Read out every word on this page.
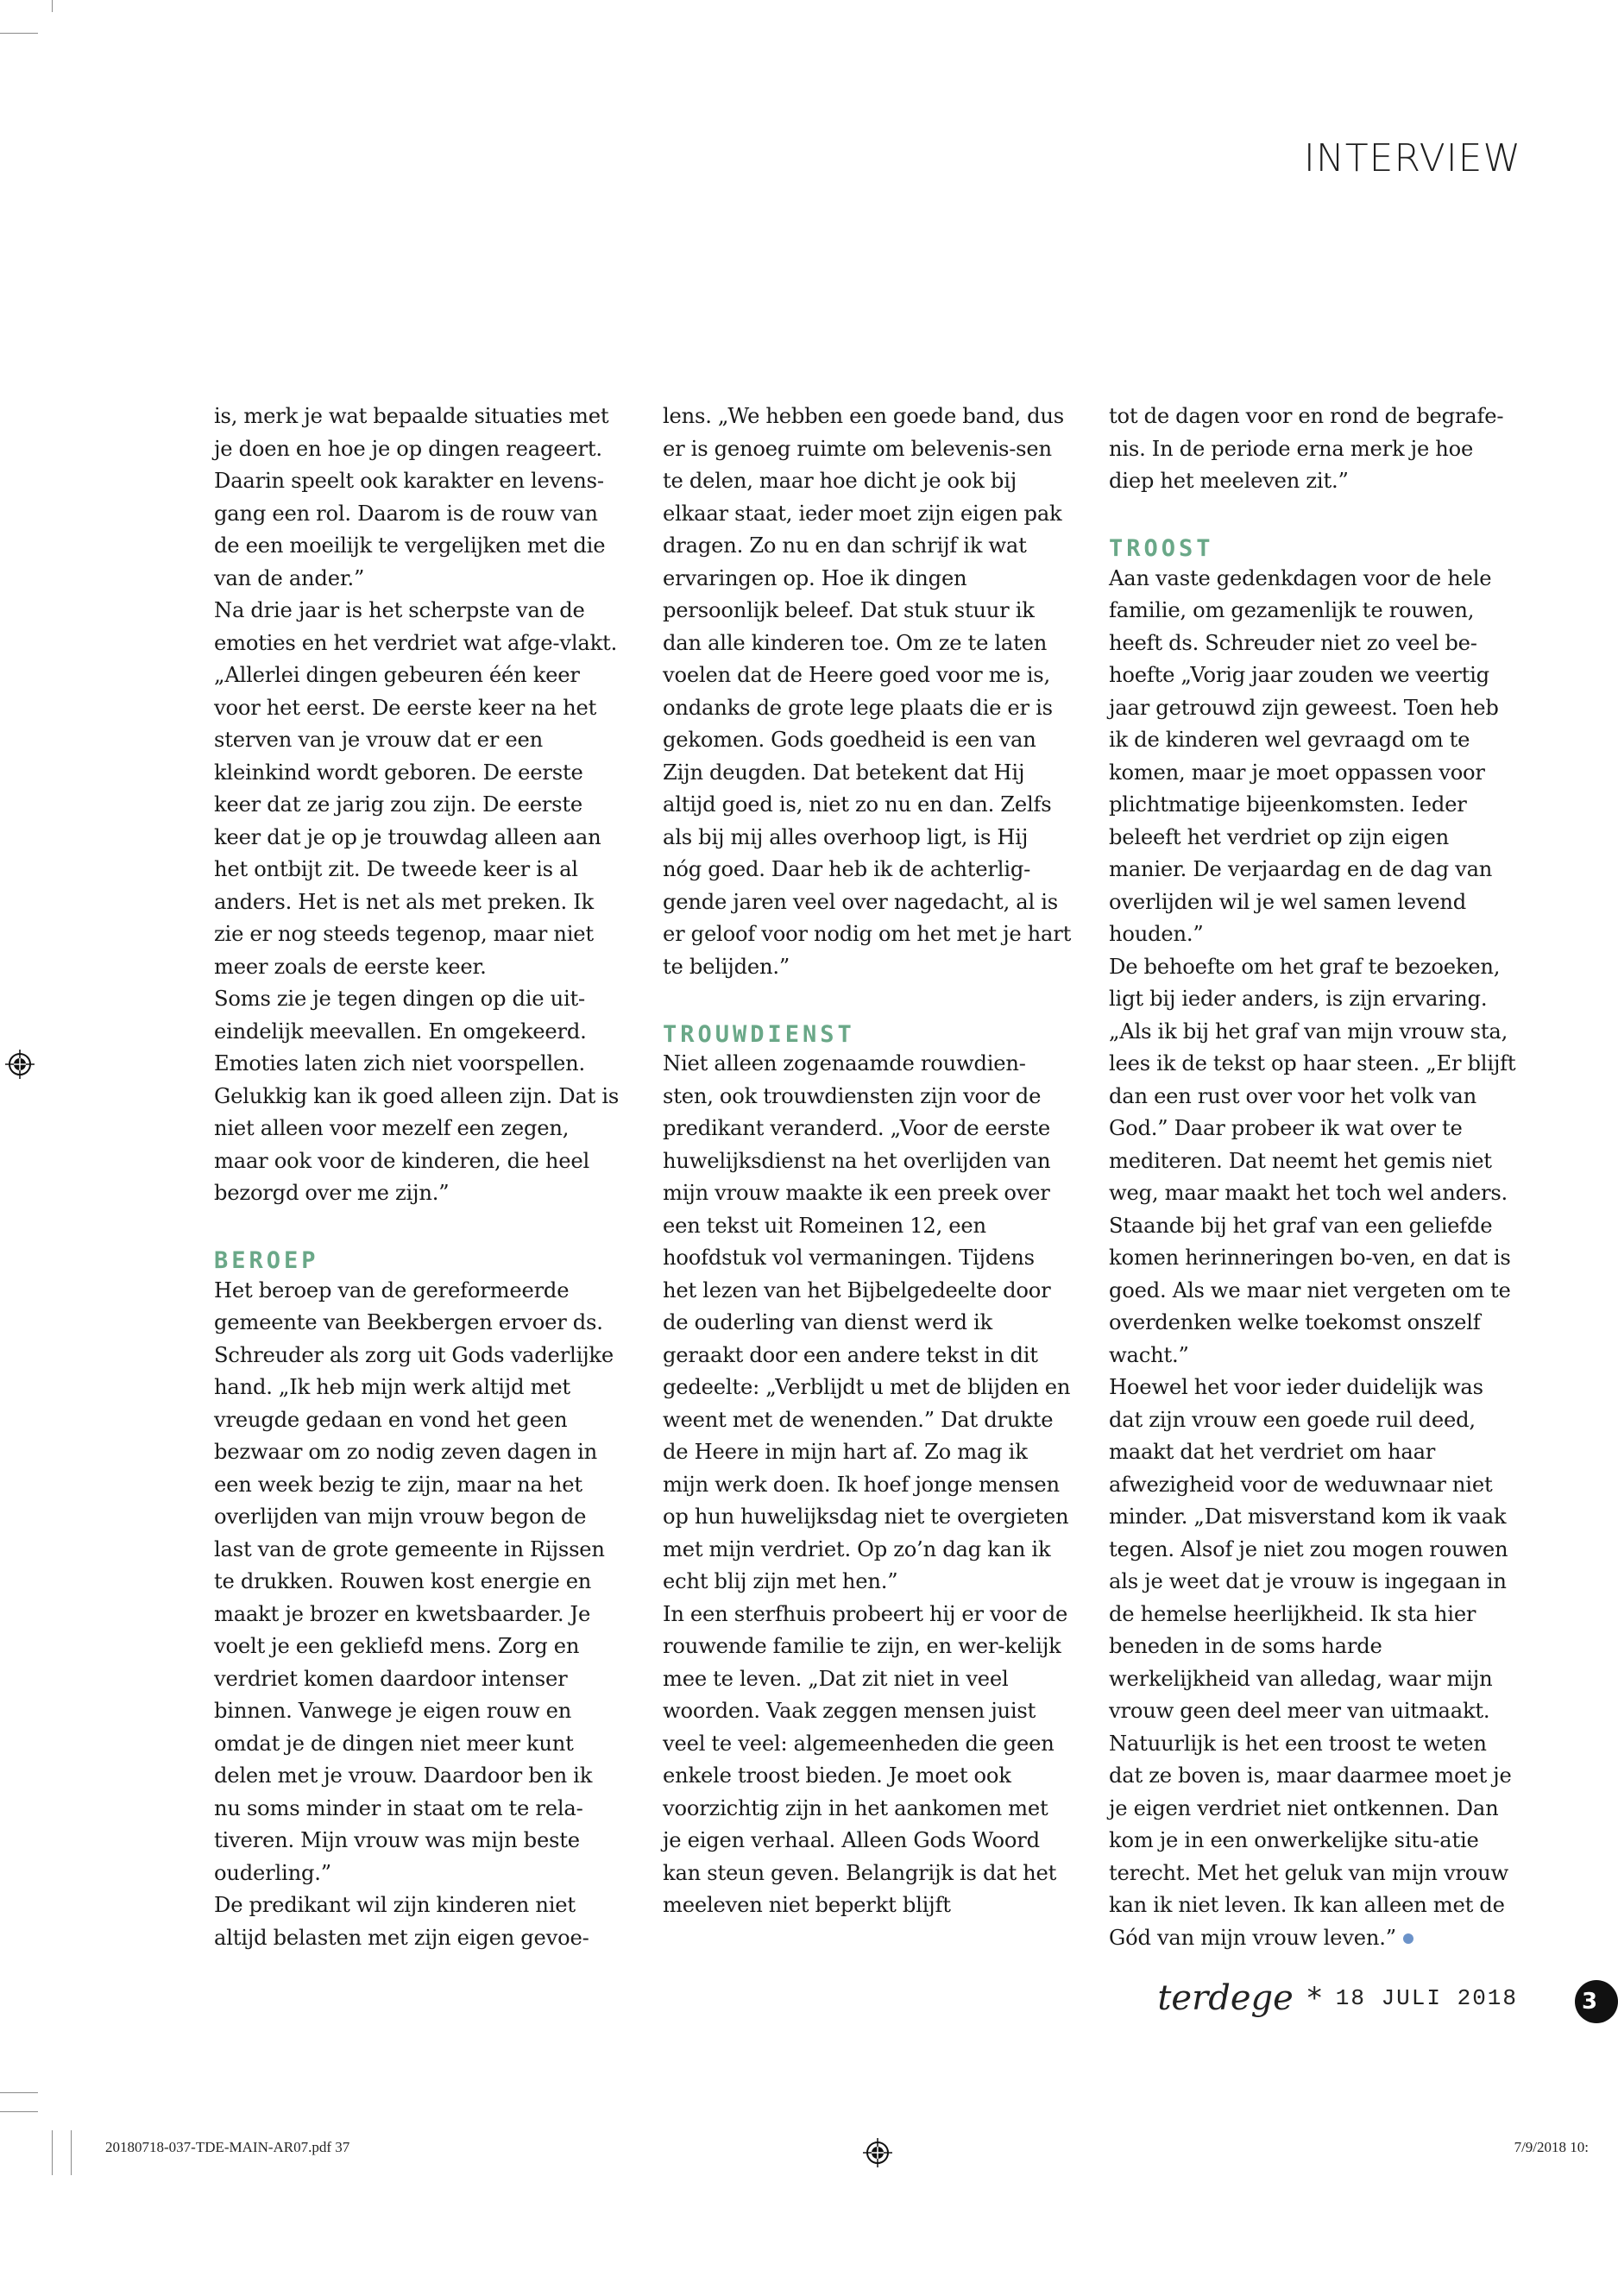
INTERVIEW

is, merk je wat bepaalde situaties met je doen en hoe je op dingen reageert. Daarin speelt ook karakter en levens-gang een rol. Daarom is de rouw van de een moeilijk te vergelijken met die van de ander.”

Na drie jaar is het scherpste van de emoties en het verdriet wat afge-vlakt. „Allerlei dingen gebeuren één keer voor het eerst. De eerste keer na het sterven van je vrouw dat er een kleinkind wordt geboren. De eerste keer dat ze jarig zou zijn. De eerste keer dat je op je trouwdag alleen aan het ontbijt zit. De tweede keer is al anders. Het is net als met preken. Ik zie er nog steeds tegenop, maar niet meer zoals de eerste keer.

Soms zie je tegen dingen op die uit-eindelijk meevallen. En omgekeerd. Emoties laten zich niet voorspellen. Gelukkig kan ik goed alleen zijn. Dat is niet alleen voor mezelf een zegen, maar ook voor de kinderen, die heel bezorgd over me zijn.”

BEROEP

Het beroep van de gereformeerde gemeente van Beekbergen ervoer ds. Schreuder als zorg uit Gods vaderlijke hand. „Ik heb mijn werk altijd met vreugde gedaan en vond het geen bezwaar om zo nodig zeven dagen in een week bezig te zijn, maar na het overlijden van mijn vrouw begon de last van de grote gemeente in Rijssen te drukken. Rouwen kost energie en maakt je brozer en kwetsbaarder. Je voelt je een gekliefd mens. Zorg en verdriet komen daardoor intenser binnen. Vanwege je eigen rouw en omdat je de dingen niet meer kunt delen met je vrouw. Daardoor ben ik nu soms minder in staat om te rela-tiveren. Mijn vrouw was mijn beste ouderling.”

De predikant wil zijn kinderen niet altijd belasten met zijn eigen gevoe-

lens. „We hebben een goede band, dus er is genoeg ruimte om belevenis-sen te delen, maar hoe dicht je ook bij elkaar staat, ieder moet zijn eigen pak dragen. Zo nu en dan schrijf ik wat ervaringen op. Hoe ik dingen persoonlijk beleef. Dat stuk stuur ik dan alle kinderen toe. Om ze te laten voelen dat de Heere goed voor me is, ondanks de grote lege plaats die er is gekomen. Gods goedheid is een van Zijn deugden. Dat betekent dat Hij altijd goed is, niet zo nu en dan. Zelfs als bij mij alles overhoop ligt, is Hij nóg goed. Daar heb ik de achterlig-gende jaren veel over nagedacht, al is er geloof voor nodig om het met je hart te belijden.”

TROUWDIENST

Niet alleen zogenaamde rouwdien-sten, ook trouwdiensten zijn voor de predikant veranderd. „Voor de eerste huwelijksdienst na het overlijden van mijn vrouw maakte ik een preek over een tekst uit Romeinen 12, een hoofdstuk vol vermaningen. Tijdens het lezen van het Bijbelgedeelte door de ouderling van dienst werd ik geraakt door een andere tekst in dit gedeelte: „Verblijdt u met de blijden en weent met de wenenden.” Dat drukte de Heere in mijn hart af. Zo mag ik mijn werk doen. Ik hoef jonge mensen op hun huwelijksdag niet te overgieten met mijn verdriet. Op zo’n dag kan ik echt blij zijn met hen.”

In een sterfhuis probeert hij er voor de rouwende familie te zijn, en wer-kelijk mee te leven. „Dat zit niet in veel woorden. Vaak zeggen mensen juist veel te veel: algemeenheden die geen enkele troost bieden. Je moet ook voorzichtig zijn in het aankomen met je eigen verhaal. Alleen Gods Woord kan steun geven. Belangrijk is dat het meeleven niet beperkt blijft

tot de dagen voor en rond de begrafe-nis. In de periode erna merk je hoe diep het meeleven zit.”

TROOST

Aan vaste gedenkdagen voor de hele familie, om gezamenlijk te rouwen, heeft ds. Schreuder niet zo veel be-hoefte „Vorig jaar zouden we veertig jaar getrouwd zijn geweest. Toen heb ik de kinderen wel gevraagd om te komen, maar je moet oppassen voor plichtmatige bijeenkomsten. Ieder beleeft het verdriet op zijn eigen manier. De verjaardag en de dag van overlijden wil je wel samen levend houden.”

De behoefte om het graf te bezoeken, ligt bij ieder anders, is zijn ervaring. „Als ik bij het graf van mijn vrouw sta, lees ik de tekst op haar steen. „Er blijft dan een rust over voor het volk van God.” Daar probeer ik wat over te mediteren. Dat neemt het gemis niet weg, maar maakt het toch wel anders. Staande bij het graf van een geliefde komen herinneringen bo-ven, en dat is goed. Als we maar niet vergeten om te overdenken welke toekomst onszelf wacht.”

Hoewel het voor ieder duidelijk was dat zijn vrouw een goede ruil deed, maakt dat het verdriet om haar afwezigheid voor de weduwnaar niet minder. „Dat misverstand kom ik vaak tegen. Alsof je niet zou mogen rouwen als je weet dat je vrouw is ingegaan in de hemelse heerlijkheid. Ik sta hier beneden in de soms harde werkelijkheid van alledag, waar mijn vrouw geen deel meer van uitmaakt. Natuurlijk is het een troost te weten dat ze boven is, maar daarmee moet je je eigen verdriet niet ontkennen. Dan kom je in een onwerkelijke situ-atie terecht. Met het geluk van mijn vrouw kan ik niet leven. Ik kan alleen met de Gód van mijn vrouw leven.”

terdege * 18 JULI 2018	3
20180718-037-TDE-MAIN-AR07.pdf 37	7/9/2018 10:
